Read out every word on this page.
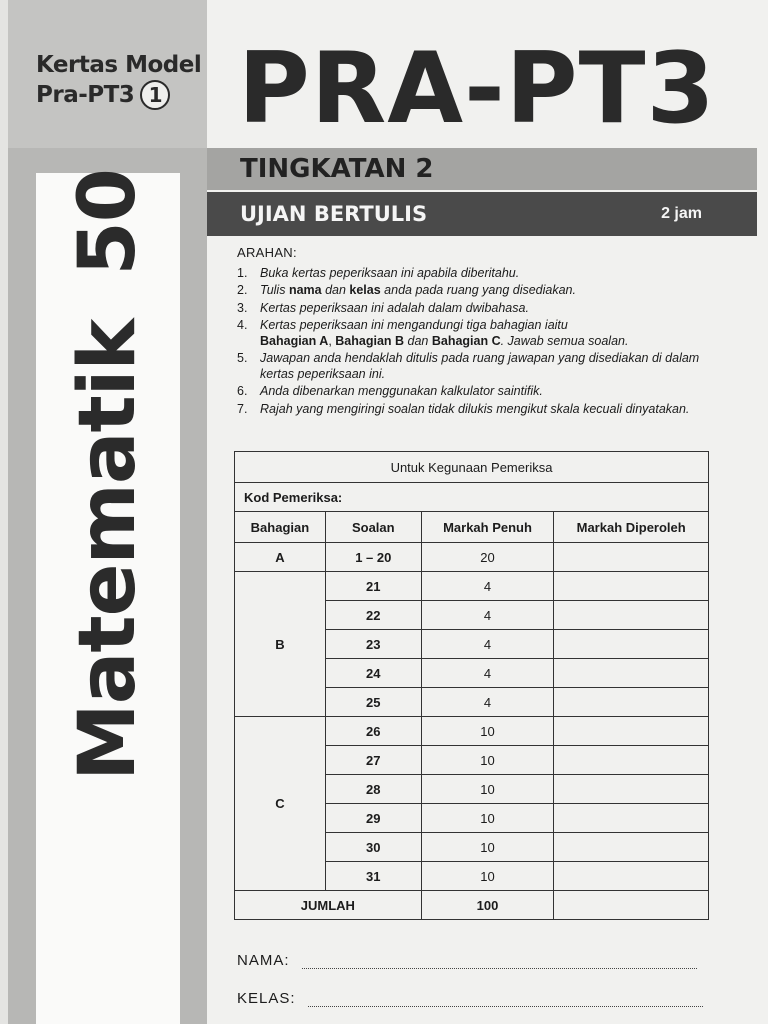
Kertas Model
Pra-PT3 1
Matematik50
PRA-PT3
TINGKATAN 2
UJIAN BERTULIS	2 jam
ARAHAN:
1.	Buka kertas peperiksaan ini apabila diberitahu.
2.	Tulis nama dan kelas anda pada ruang yang disediakan.
3.	Kertas peperiksaan ini adalah dalam dwibahasa.
4.	Kertas peperiksaan ini mengandungi tiga bahagian iaitu
Bahagian A, Bahagian B dan Bahagian C. Jawab semua soalan.
5.	Jawapan anda hendaklah ditulis pada ruang jawapan yang disediakan di dalam kertas peperiksaan ini.
6.	Anda dibenarkan menggunakan kalkulator saintifik.
7.	Rajah yang mengiringi soalan tidak dilukis mengikut skala kecuali dinyatakan.
Untuk Kegunaan Pemeriksa			
Kod Pemeriksa:			
Bahagian	Soalan	Markah Penuh	Markah Diperoleh
A	1 – 20	20	
B	21	4	
	22	4	
	23	4	
	24	4	
	25	4	
C	26	10	
	27	10	
	28	10	
	29	10	
	30	10	
	31	10	
JUMLAH		100	
NAMA:
KELAS:
